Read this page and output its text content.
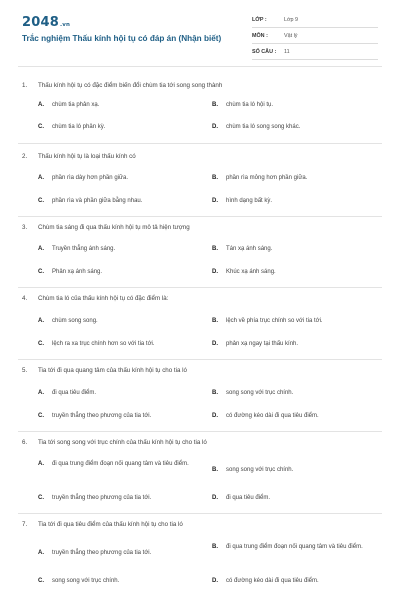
2048.vn
Trắc nghiệm Thấu kính hội tụ có đáp án (Nhận biết)
LỚP :	Lớp 9
MÔN :	Vật lý
SỐ CÂU : 11
1. Thấu kính hội tụ có đặc điểm biến đổi chùm tia tới song song thành
A.	chùm tia phản xạ.	B.	chùm tia ló hội tụ.
C.	chùm tia ló phân kỳ.	D.	chùm tia ló song song khác.
2. Thấu kính hội tụ là loại thấu kính có
A.	phần rìa dày hơn phần giữa.	B.	phần rìa mỏng hơn phần giữa.
C.	phần rìa và phần giữa bằng nhau.	D.	hình dạng bất kỳ.
3. Chùm tia sáng đi qua thấu kính hội tụ mô tả hiện tượng
A.	Truyền thẳng ánh sáng.	B.	Tán xạ ánh sáng.
C.	Phản xạ ánh sáng.	D.	Khúc xạ ánh sáng.
4. Chùm tia ló của thấu kính hội tụ có đặc điểm là:
A.	chùm song song.	B.	lệch về phía trục chính so với tia tới.
C.	lệch ra xa trục chính hơn so với tia tới.	D.	phản xạ ngay tại thấu kính.
5. Tia tới đi qua quang tâm của thấu kính hội tụ cho tia ló
A.	đi qua tiêu điểm.	B.	song song với trục chính.
C.	truyền thẳng theo phương của tia tới.	D.	có đường kéo dài đi qua tiêu điểm.
6. Tia tới song song với trục chính của thấu kính hội tụ cho tia ló
A.	đi qua trung điểm đoạn nối quang tâm và tiêu điểm.
B.	song song với trục chính.
C.	truyền thẳng theo phương của tia tới.	D.	đi qua tiêu điểm.
7. Tia tới đi qua tiêu điểm của thấu kính hội tụ cho tia ló
A.	truyền thẳng theo phương của tia tới.
B.	đi qua trung điểm đoạn nối quang tâm và tiêu điểm.
C.	song song với trục chính.	D.	có đường kéo dài đi qua tiêu điểm.
